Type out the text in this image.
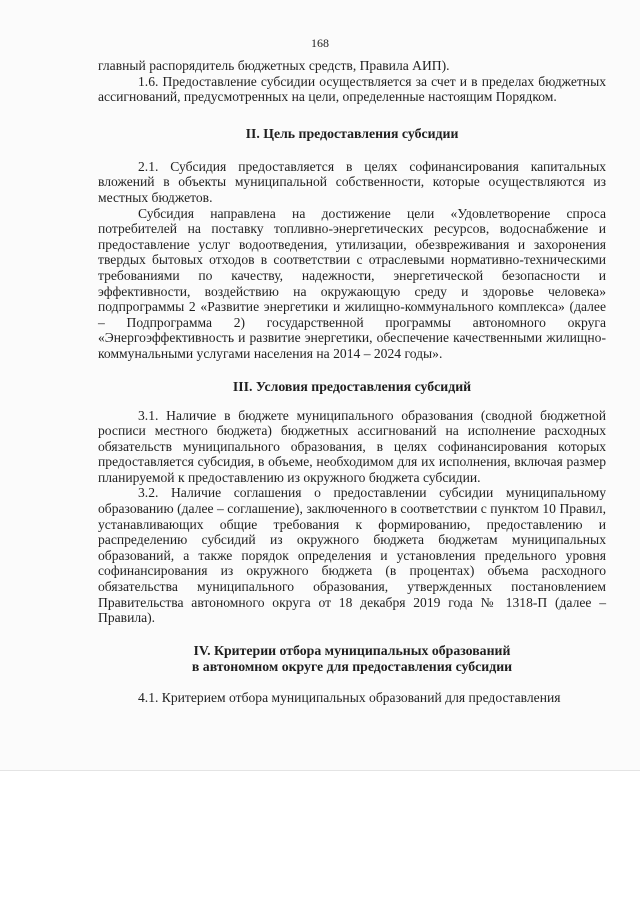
168

главный распорядитель бюджетных средств, Правила АИП).

1.6. Предоставление субсидии осуществляется за счет и в пределах бюджетных ассигнований, предусмотренных на цели, определенные настоящим Порядком.

II. Цель предоставления субсидии

2.1. Субсидия предоставляется в целях софинансирования капитальных вложений в объекты муниципальной собственности, которые осуществляются из местных бюджетов.

Субсидия направлена на достижение цели «Удовлетворение спроса потребителей на поставку топливно-энергетических ресурсов, водоснабжение и предоставление услуг водоотведения, утилизации, обезвреживания и захоронения твердых бытовых отходов в соответствии с отраслевыми нормативно-техническими требованиями по качеству, надежности, энергетической безопасности и эффективности, воздействию на окружающую среду и здоровье человека» подпрограммы 2 «Развитие энергетики и жилищно-коммунального комплекса» (далее – Подпрограмма 2) государственной программы автономного округа «Энергоэффективность и развитие энергетики, обеспечение качественными жилищно-коммунальными услугами населения на 2014 – 2024 годы».

III. Условия предоставления субсидий

3.1. Наличие в бюджете муниципального образования (сводной бюджетной росписи местного бюджета) бюджетных ассигнований на исполнение расходных обязательств муниципального образования, в целях софинансирования которых предоставляется субсидия, в объеме, необходимом для их исполнения, включая размер планируемой к предоставлению из окружного бюджета субсидии.

3.2. Наличие соглашения о предоставлении субсидии муниципальному образованию (далее – соглашение), заключенного в соответствии с пунктом 10 Правил, устанавливающих общие требования к формированию, предоставлению и распределению субсидий из окружного бюджета бюджетам муниципальных образований, а также порядок определения и установления предельного уровня софинансирования из окружного бюджета (в процентах) объема расходного обязательства муниципального образования, утвержденных постановлением Правительства автономного округа от 18 декабря 2019 года № 1318-П (далее – Правила).

IV. Критерии отбора муниципальных образований
в автономном округе для предоставления субсидии

4.1. Критерием отбора муниципальных образований для предоставления
